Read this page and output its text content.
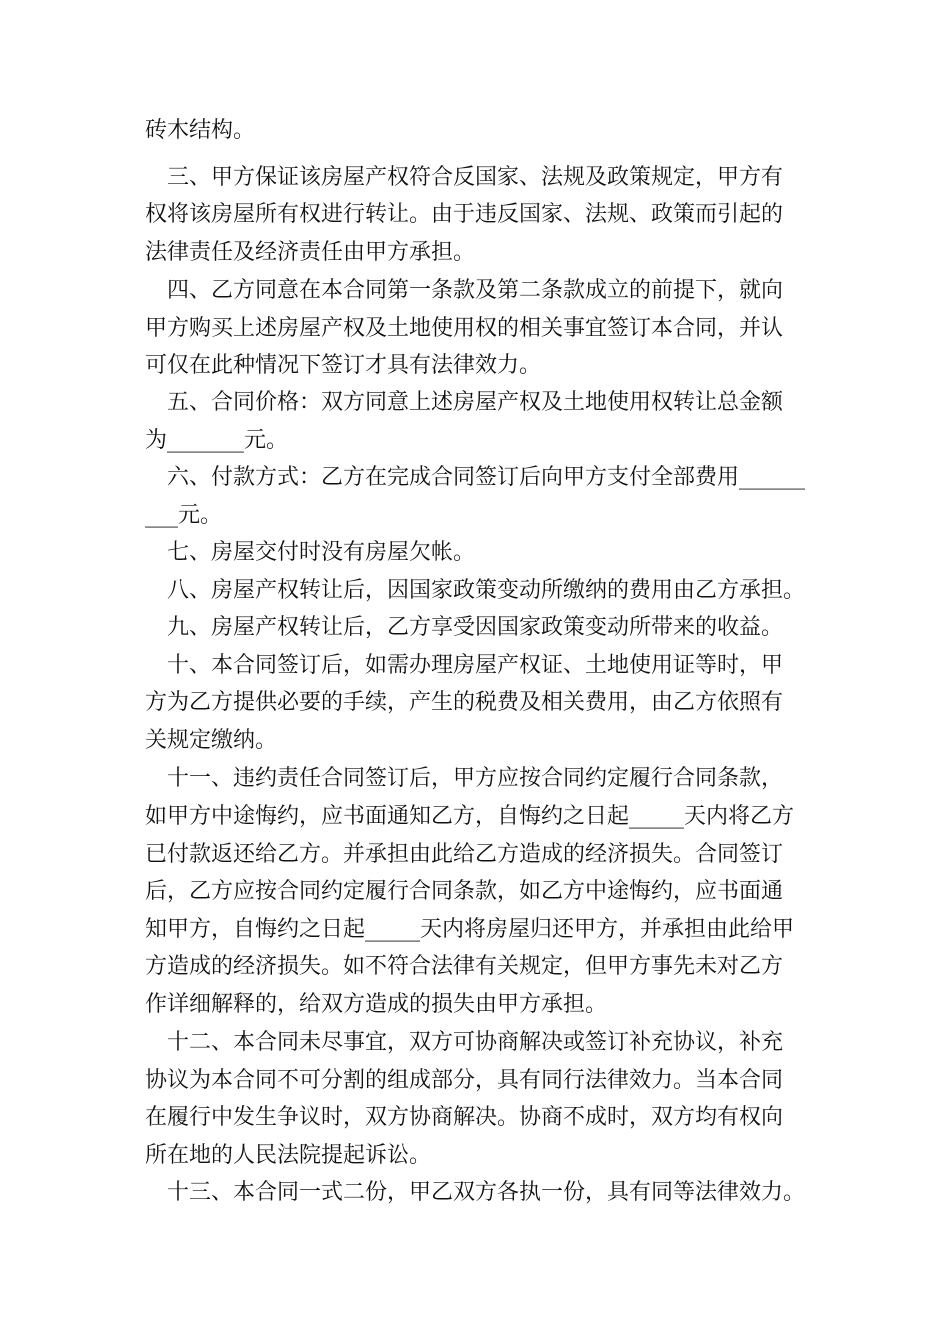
砖木结构。
三、甲方保证该房屋产权符合反国家、法规及政策规定，甲方有
权将该房屋所有权进行转让。由于违反国家、法规、政策而引起的
法律责任及经济责任由甲方承担。
四、乙方同意在本合同第一条款及第二条款成立的前提下，就向
甲方购买上述房屋产权及土地使用权的相关事宜签订本合同，并认
可仅在此种情况下签订才具有法律效力。
五、合同价格：双方同意上述房屋产权及土地使用权转让总金额
为_______元。
六、付款方式：乙方在完成合同签订后向甲方支付全部费用______
___元。
七、房屋交付时没有房屋欠帐。
八、房屋产权转让后，因国家政策变动所缴纳的费用由乙方承担。
九、房屋产权转让后，乙方享受因国家政策变动所带来的收益。
十、本合同签订后，如需办理房屋产权证、土地使用证等时，甲
方为乙方提供必要的手续，产生的税费及相关费用，由乙方依照有
关规定缴纳。
十一、违约责任合同签订后，甲方应按合同约定履行合同条款，
如甲方中途悔约，应书面通知乙方，自悔约之日起_____天内将乙方
已付款返还给乙方。并承担由此给乙方造成的经济损失。合同签订
后，乙方应按合同约定履行合同条款，如乙方中途悔约，应书面通
知甲方，自悔约之日起_____天内将房屋归还甲方，并承担由此给甲
方造成的经济损失。如不符合法律有关规定，但甲方事先未对乙方
作详细解释的，给双方造成的损失由甲方承担。
十二、本合同未尽事宜，双方可协商解决或签订补充协议，补充
协议为本合同不可分割的组成部分，具有同行法律效力。当本合同
在履行中发生争议时，双方协商解决。协商不成时，双方均有权向
所在地的人民法院提起诉讼。
十三、本合同一式二份，甲乙双方各执一份，具有同等法律效力。
